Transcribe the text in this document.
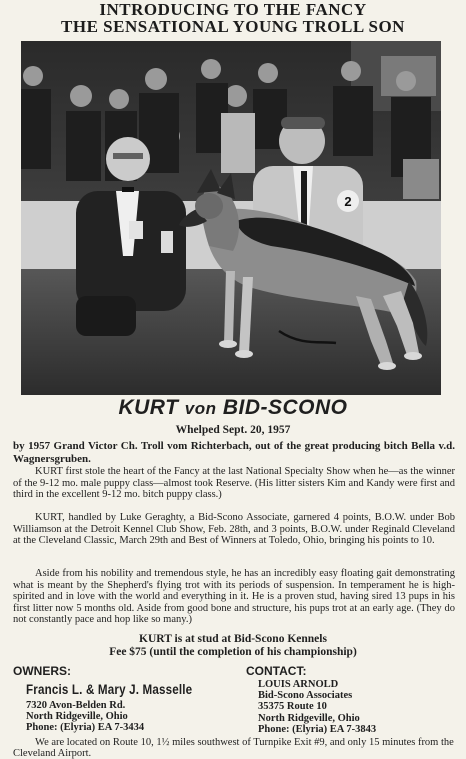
INTRODUCING TO THE FANCY
THE SENSATIONAL YOUNG TROLL SON
2
KURT von BID-SCONO
Whelped Sept. 20, 1957
by 1957 Grand Victor Ch. Troll vom Richterbach, out of the great producing bitch Bella v.d. Wagnersgruben.
KURT first stole the heart of the Fancy at the last National Specialty Show when he—as the winner of the 9-12 mo. male puppy class—almost took Reserve. (His litter sisters Kim and Kandy were first and third in the excellent 9-12 mo. bitch puppy class.)
KURT, handled by Luke Geraghty, a Bid-Scono Associate, garnered 4 points, B.O.W. under Bob Williamson at the Detroit Kennel Club Show, Feb. 28th, and 3 points, B.O.W. under Reginald Cleveland at the Cleveland Classic, March 29th and Best of Winners at Toledo, Ohio, bringing his points to 10.
Aside from his nobility and tremendous style, he has an incredibly easy floating gait demonstrating what is meant by the Shepherd's flying trot with its periods of suspension. In temperament he is high-spirited and in love with the world and everything in it. He is a proven stud, having sired 13 pups in his first litter now 5 months old. Aside from good bone and structure, his pups trot at an early age. (They do not constantly pace and hop like so many.)
KURT is at stud at Bid-Scono Kennels
Fee $75 (until the completion of his championship)
OWNERS:
Francis L. & Mary J. Masselle
7320 Avon-Belden Rd.
North Ridgeville, Ohio
Phone: (Elyria) EA 7-3434
CONTACT:
LOUIS ARNOLD
Bid-Scono Associates
35375 Route 10
North Ridgeville, Ohio
Phone: (Elyria) EA 7-3843
We are located on Route 10, 1½ miles southwest of Turnpike Exit #9, and only 15 minutes from the Cleveland Airport.
